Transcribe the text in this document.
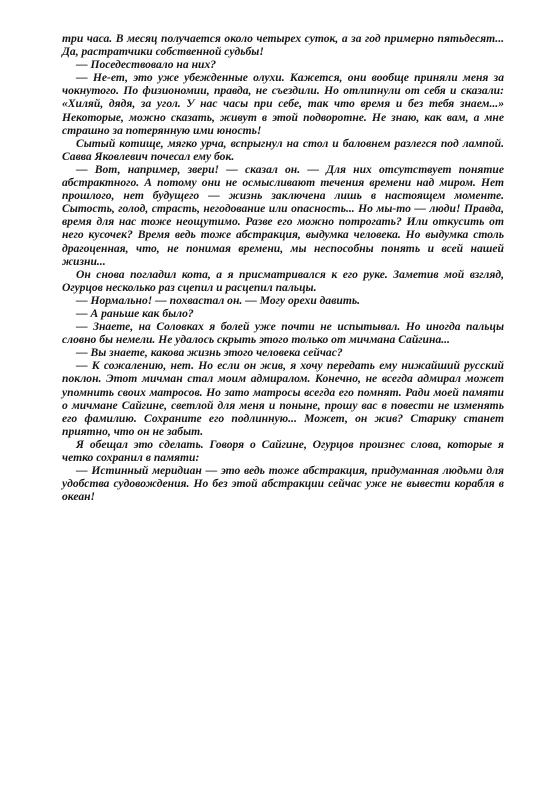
три часа. В месяц получается около четырех суток, а за год примерно пятьдесят... Да, растратчики собственной судьбы!

— Поседествовало на них?

— Не-ет, это уже убежденные олухи. Кажется, они вообще приняли меня за чокнутого. По физиономии, правда, не съездили. Но отлипнули от себя и сказали: «Хиляй, дядя, за угол. У нас часы при себе, так что время и без тебя знаем...» Некоторые, можно сказать, живут в этой подворотне. Не знаю, как вам, а мне страшно за потерянную ими юность!

Сытый котище, мягко урча, вспрыгнул на стол и баловнем разлегся под лампой. Савва Яковлевич почесал ему бок.

— Вот, например, звери! — сказал он. — Для них отсутствует понятие абстрактного. А потому они не осмысливают течения времени над миром. Нет прошлого, нет будущего — жизнь заключена лишь в настоящем моменте. Сытость, голод, страсть, негодование или опасность... Но мы-то — люди! Правда, время для нас тоже неощутимо. Разве его можно потрогать? Или откусить от него кусочек? Время ведь тоже абстракция, выдумка человека. Но выдумка столь драгоценная, что, не понимая времени, мы неспособны понять и всей нашей жизни...

Он снова погладил кота, а я присматривался к его руке. Заметив мой взгляд, Огурцов несколько раз сцепил и расцепил пальцы.

— Нормально! — похвастал он. — Могу орехи давить.

— А раньше как было?

— Знаете, на Соловках я болей уже почти не испытывал. Но иногда пальцы словно бы немели. Не удалось скрыть этого только от мичмана Сайгина...

— Вы знаете, какова жизнь этого человека сейчас?

— К сожалению, нет. Но если он жив, я хочу передать ему нижайший русский поклон. Этот мичман стал моим адмиралом. Конечно, не всегда адмирал может упомнить своих матросов. Но зато матросы всегда его помнят. Ради моей памяти о мичмане Сайгине, светлой для меня и поныне, прошу вас в повести не изменять его фамилию. Сохраните его подлинную... Может, он жив? Старику станет приятно, что он не забыт.

Я обещал это сделать. Говоря о Сайгине, Огурцов произнес слова, которые я четко сохранил в памяти:

— Истинный меридиан — это ведь тоже абстракция, придуманная людьми для удобства судовождения. Но без этой абстракции сейчас уже не вывести корабля в океан!
